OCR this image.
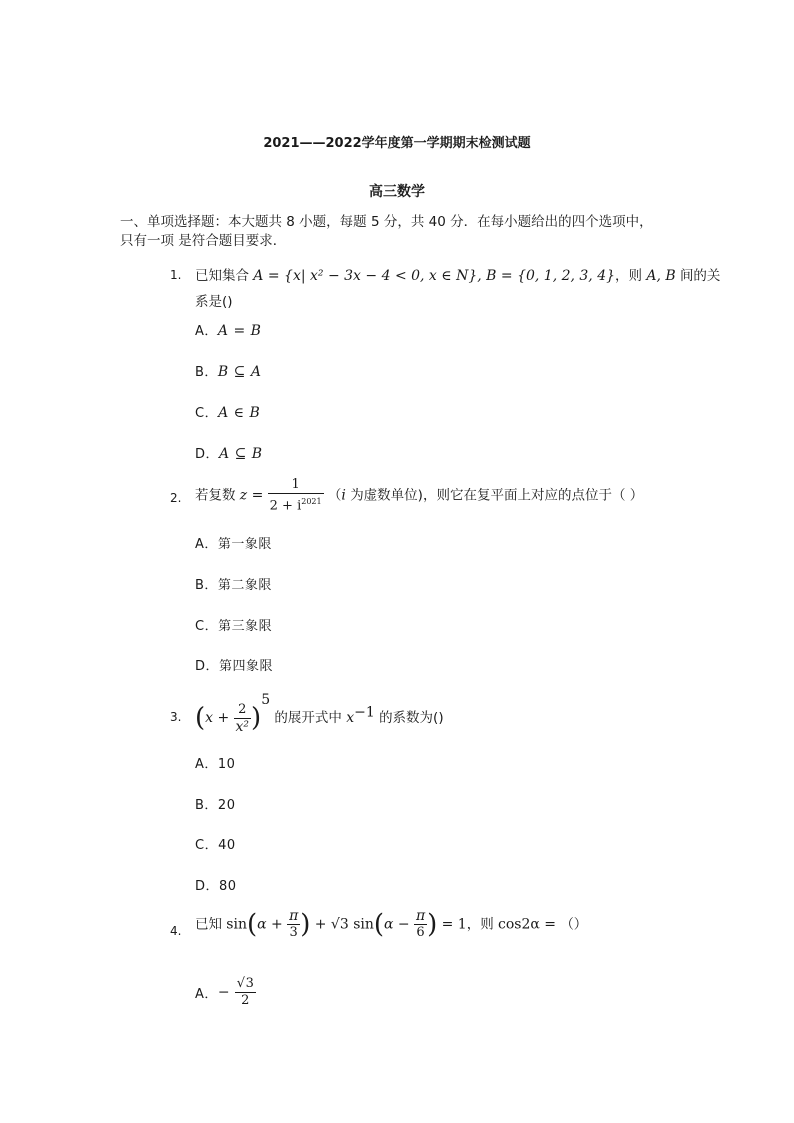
2021——2022学年度第一学期期末检测试题
高三数学
一、单项选择题：本大题共 8 小题，每题 5 分，共 40 分．在每小题给出的四个选项中，
只有一项 是符合题目要求．
1. 已知集合 A = {x| x² − 3x − 4 < 0, x ∈ N}, B = {0, 1, 2, 3, 4}，则 A, B 间的关
系是()
A．A = B
B．B ⊆ A
C．A ∈ B
D．A ⊆ B
2. 若复数 $z = \frac{1}{2 + i^{2021}} (i$ 为虚数单位)，则它在复平面上对应的点位于（ ）
A．第一象限
B．第二象限
C．第三象限
D．第四象限
3. $(x + \frac{2}{\text{x²}} )^5$ 的展开式中 $x^{-1}$ 的系数为()
A．10
B．20
C．40
D．80
4. 已知 $\sin(\alpha + \frac{\pi}{3}$ ) + √3 $\sin(\alpha - \frac{\pi}{6}$ ) = 1，则 cos2α = （）
A．− $\frac{√3}{2}$
